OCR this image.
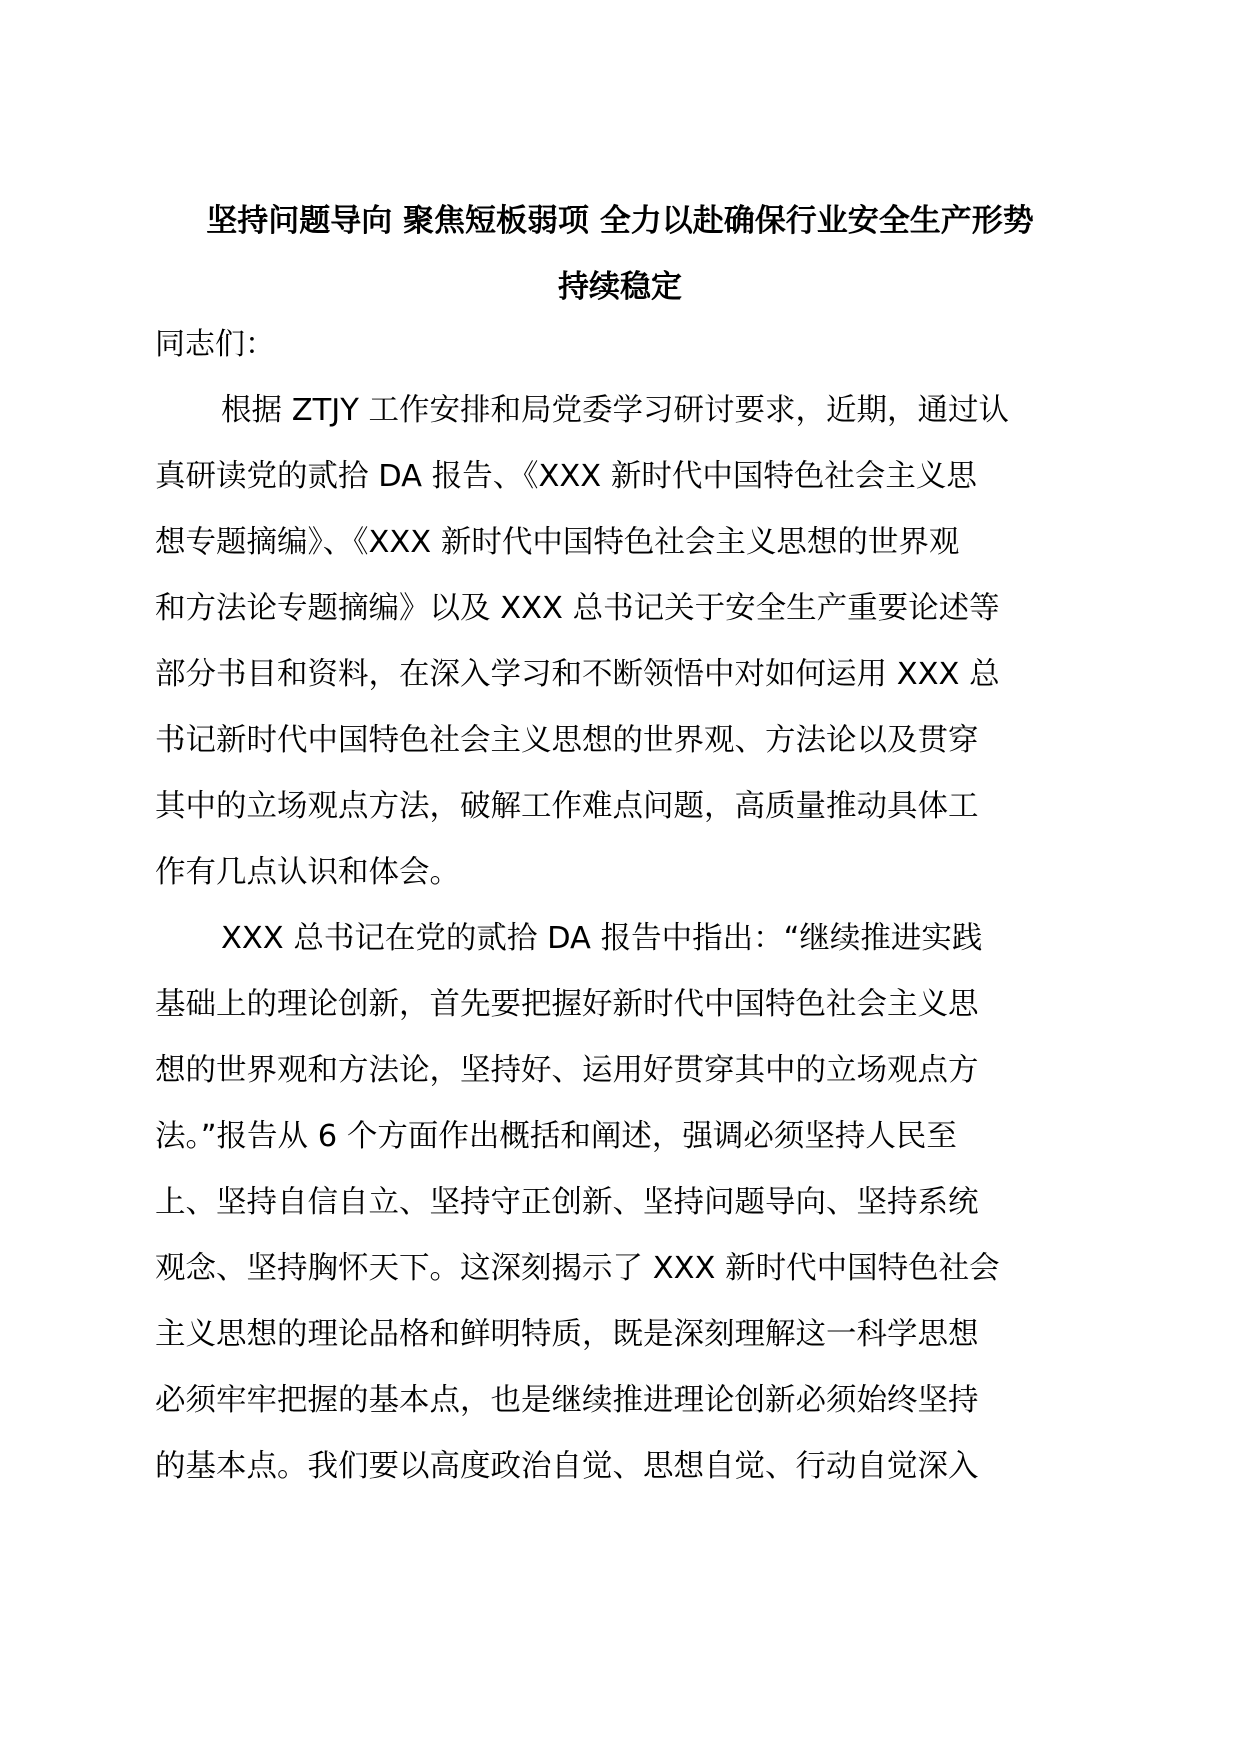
坚持问题导向 聚焦短板弱项 全力以赴确保行业安全生产形势
持续稳定

同志们：

根据 ZTJY 工作安排和局党委学习研讨要求，近期，通过认
真研读党的贰拾 DA 报告、《XXX 新时代中国特色社会主义思
想专题摘编》、《XXX 新时代中国特色社会主义思想的世界观
和方法论专题摘编》以及 XXX 总书记关于安全生产重要论述等
部分书目和资料，在深入学习和不断领悟中对如何运用 XXX 总
书记新时代中国特色社会主义思想的世界观、方法论以及贯穿
其中的立场观点方法，破解工作难点问题，高质量推动具体工
作有几点认识和体会。
XXX 总书记在党的贰拾 DA 报告中指出：“继续推进实践
基础上的理论创新，首先要把握好新时代中国特色社会主义思
想的世界观和方法论，坚持好、运用好贯穿其中的立场观点方
法。”报告从 6 个方面作出概括和阐述，强调必须坚持人民至
上、坚持自信自立、坚持守正创新、坚持问题导向、坚持系统
观念、坚持胸怀天下。这深刻揭示了 XXX 新时代中国特色社会
主义思想的理论品格和鲜明特质，既是深刻理解这一科学思想
必须牢牢把握的基本点，也是继续推进理论创新必须始终坚持
的基本点。我们要以高度政治自觉、思想自觉、行动自觉深入
